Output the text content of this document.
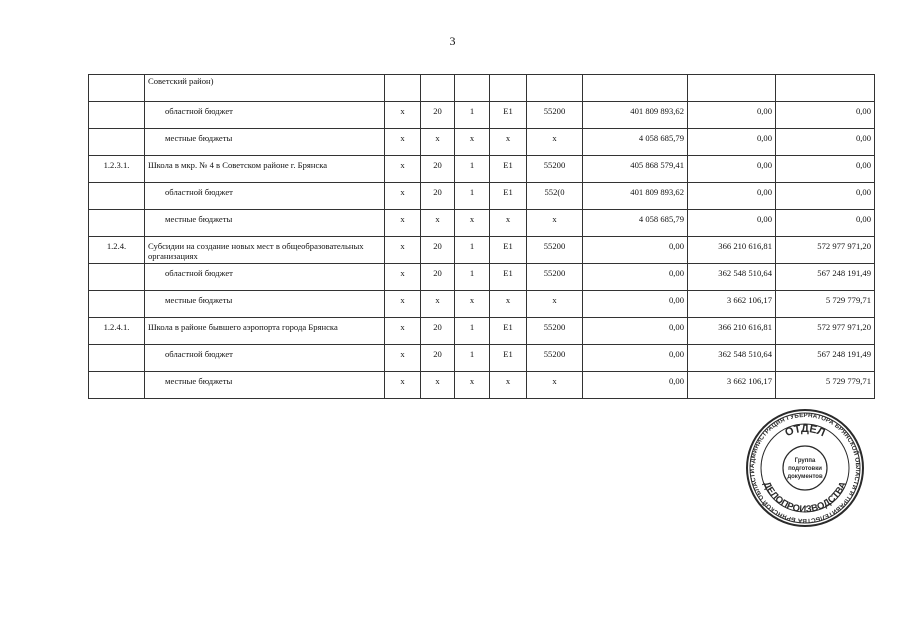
3
	Советский район)								
	областной бюджет	x	20	1	E1	55200	401 809 893,62	0,00	0,00
	местные бюджеты	x	x	x	x	x	4 058 685,79	0,00	0,00
1.2.3.1.	Школа в мкр. № 4 в Советском районе г. Брянска	x	20	1	E1	55200	405 868 579,41	0,00	0,00
	областной бюджет	x	20	1	E1	552(0	401 809 893,62	0,00	0,00
	местные бюджеты	x	x	x	x	x	4 058 685,79	0,00	0,00
1.2.4.	Субсидии на создание новых мест в общеобразовательных организациях	x	20	1	E1	55200	0,00	366 210 616,81	572 977 971,20
	областной бюджет	x	20	1	E1	55200	0,00	362 548 510,64	567 248 191,49
	местные бюджеты	x	x	x	x	x	0,00	3 662 106,17	5 729 779,71
1.2.4.1.	Школа в районе бывшего аэропорта города Брянска	x	20	1	E1	55200	0,00	366 210 616,81	572 977 971,20
	областной бюджет	x	20	1	E1	55200	0,00	362 548 510,64	567 248 191,49
	местные бюджеты	x	x	x	x	x	0,00	3 662 106,17	5 729 779,71
АДМИНИСТРАЦИЯ ГУБЕРНАТОРА БРЯНСКОЙ ОБЛАСТИ И ПРАВИТЕЛЬСТВА БРЯНСКОЙ ОБЛАСТИ
ОТДЕЛ
ДЕЛОПРОИЗВОДСТВА
Группа
подготовки
документов
